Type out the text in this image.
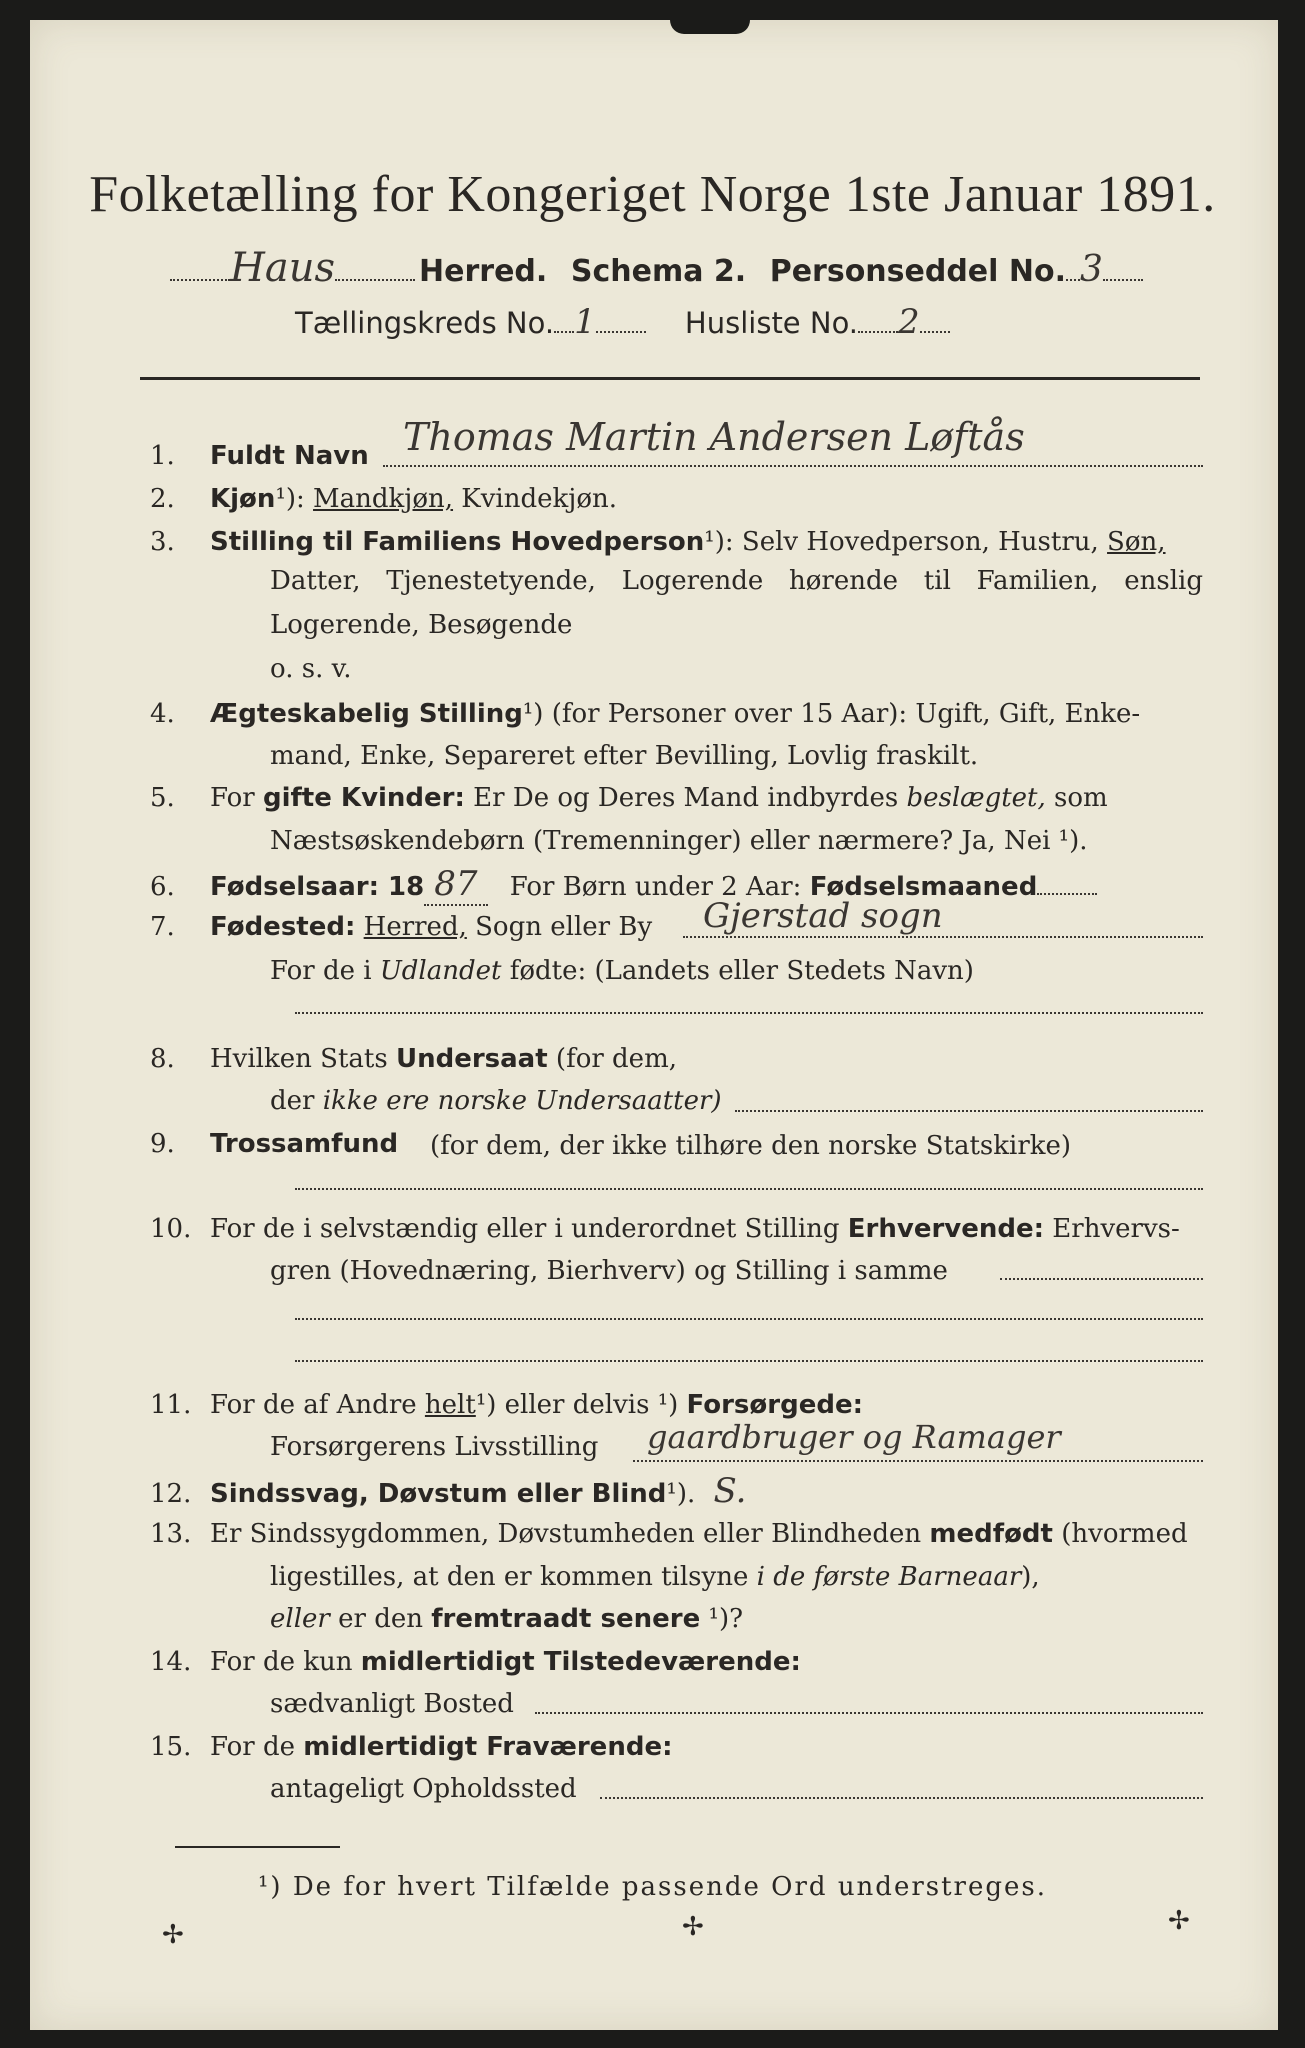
Folketælling for Kongeriget Norge 1ste Januar 1891.
Haus	Herred. Schema 2. Personseddel No. 3
Tællingskreds No. 1	Husliste No. 2
1. Fuldt Navn Thomas Martin Andersen Løftås
2. Kjøn¹): Mandkjøn, Kvindekjøn.
3. Stilling til Familiens Hovedperson¹): Selv Hovedperson, Hustru, Søn,
Datter, Tjenestetyende, Logerende hørende til Familien, enslig
Logerende, Besøgende
o. s. v.
4. Ægteskabelig Stilling¹) (for Personer over 15 Aar): Ugift, Gift, Enke-
mand, Enke, Separeret efter Bevilling, Lovlig fraskilt.
5. For gifte Kvinder: Er De og Deres Mand indbyrdes beslægtet, som
Næstsøskendebørn (Tremenninger) eller nærmere? Ja, Nei ¹).
6. Fødselsaar: 18 87 For Børn under 2 Aar: Fødselsmaaned
7. Fødested: Herred, Sogn eller By	Gjerstad sogn
For de i Udlandet fødte: (Landets eller Stedets Navn)
8. Hvilken Stats Undersaat (for dem,
der ikke ere norske Undersaatter)
9. Trossamfund (for dem, der ikke tilhøre den norske Statskirke)
10. For de i selvstændig eller i underordnet Stilling Erhvervende: Erhvervs-
gren (Hovednæring, Bierhverv) og Stilling i samme
11. For de af Andre helt¹) eller delvis ¹) Forsørgede:
Forsørgerens Livsstilling	gaardbruger og Ramager
12. Sindssvag, Døvstum eller Blind¹). S.
13. Er Sindssygdommen, Døvstumheden eller Blindheden medfødt (hvormed
ligestilles, at den er kommen tilsyne i de første Barneaar),
eller er den fremtraadt senere ¹)?
14. For de kun midlertidigt Tilstedeværende:
sædvanligt Bosted
15. For de midlertidigt Fraværende:
antageligt Opholdssted
¹) De for hvert Tilfælde passende Ord understreges.
✢	✢	✢
